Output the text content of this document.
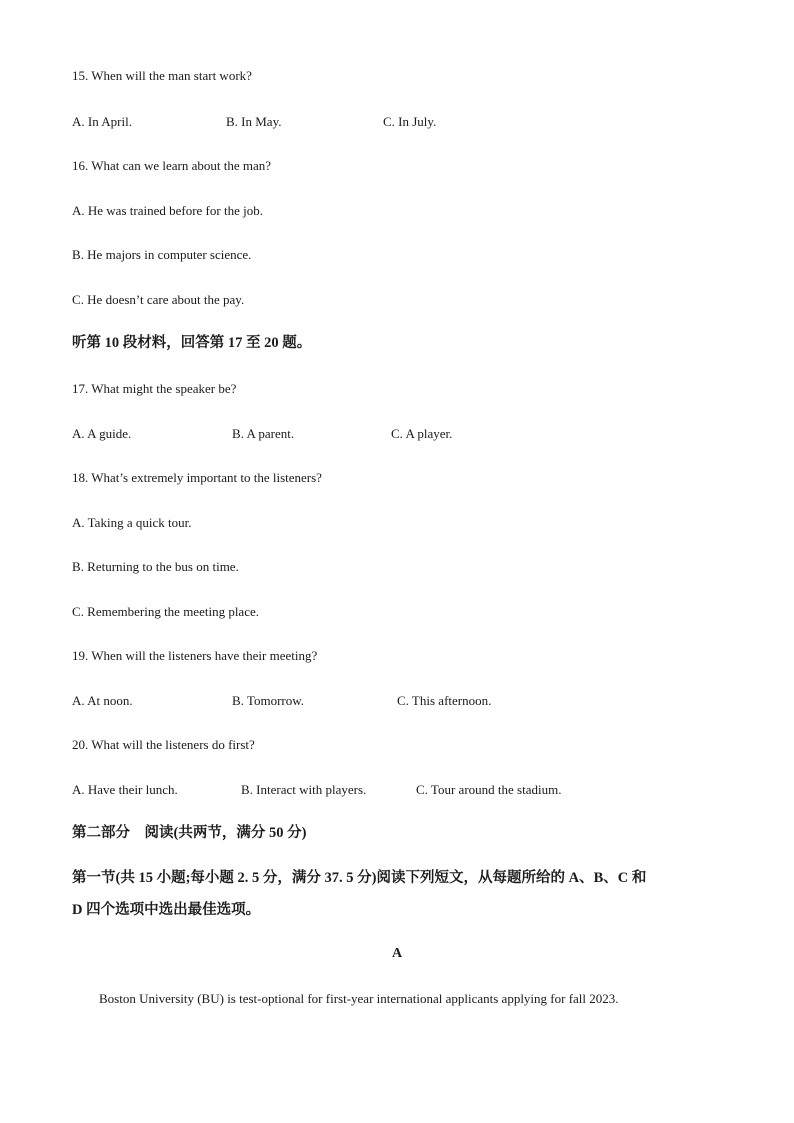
15. When will the man start work?
A. In April.	B. In May.	C. In July.
16. What can we learn about the man?
A. He was trained before for the job.
B. He majors in computer science.
C. He doesn’t care about the pay.
听第 10 段材料，回答第 17 至 20 题。
17. What might the speaker be?
A. A guide.	B. A parent.	C. A player.
18. What’s extremely important to the listeners?
A. Taking a quick tour.
B. Returning to the bus on time.
C. Remembering the meeting place.
19. When will the listeners have their meeting?
A. At noon.	B. Tomorrow.	C. This afternoon.
20. What will the listeners do first?
A. Have their lunch.	B. Interact with players.	C. Tour around the stadium.
第二部分    阅读(共两节，满分 50 分)
第一节(共 15 小题;每小题 2. 5 分，满分 37. 5 分)阅读下列短文，从每题所给的 A、B、C 和
D 四个选项中选出最佳选项。
A
Boston University (BU) is test-optional for first-year international applicants applying for fall 2023.
